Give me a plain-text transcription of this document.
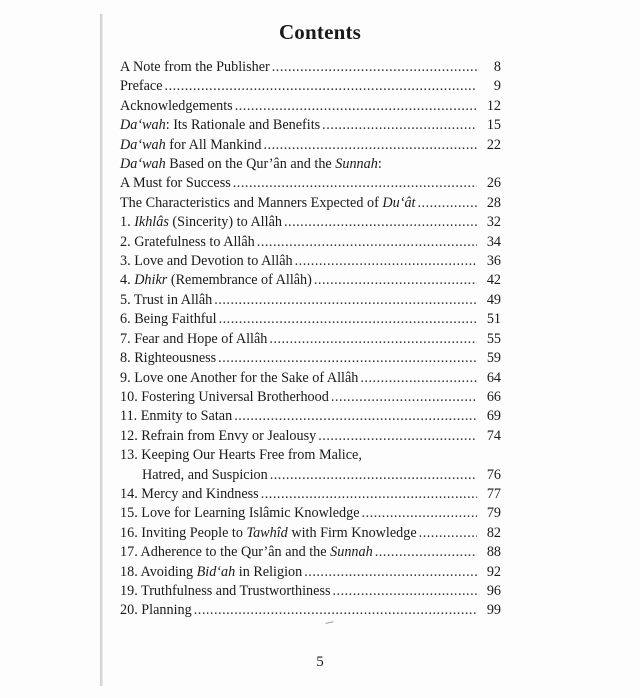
Contents
A Note from the Publisher .....	8
Preface .....	9
Acknowledgements .....	12
Da‘wah: Its Rationale and Benefits .....	15
Da‘wah for All Mankind .....	22
Da‘wah Based on the Qur’ân and the Sunnah:
A Must for Success .....	26
The Characteristics and Manners Expected of Du‘ât .....	28
1. Ikhlâs (Sincerity) to Allâh .....	32
2. Gratefulness to Allâh .....	34
3. Love and Devotion to Allâh .....	36
4. Dhikr (Remembrance of Allâh) .....	42
5. Trust in Allâh .....	49
6. Being Faithful .....	51
7. Fear and Hope of Allâh .....	55
8. Righteousness .....	59
9. Love one Another for the Sake of Allâh .....	64
10. Fostering Universal Brotherhood .....	66
11. Enmity to Satan .....	69
12. Refrain from Envy or Jealousy .....	74
13. Keeping Our Hearts Free from Malice,
Hatred, and Suspicion .....	76
14. Mercy and Kindness .....	77
15. Love for Learning Islâmic Knowledge .....	79
16. Inviting People to Tawhîd with Firm Knowledge .....	82
17. Adherence to the Qur’ân and the Sunnah .....	88
18. Avoiding Bid‘ah in Religion .....	92
19. Truthfulness and Trustworthiness .....	96
20. Planning .....	99
5
